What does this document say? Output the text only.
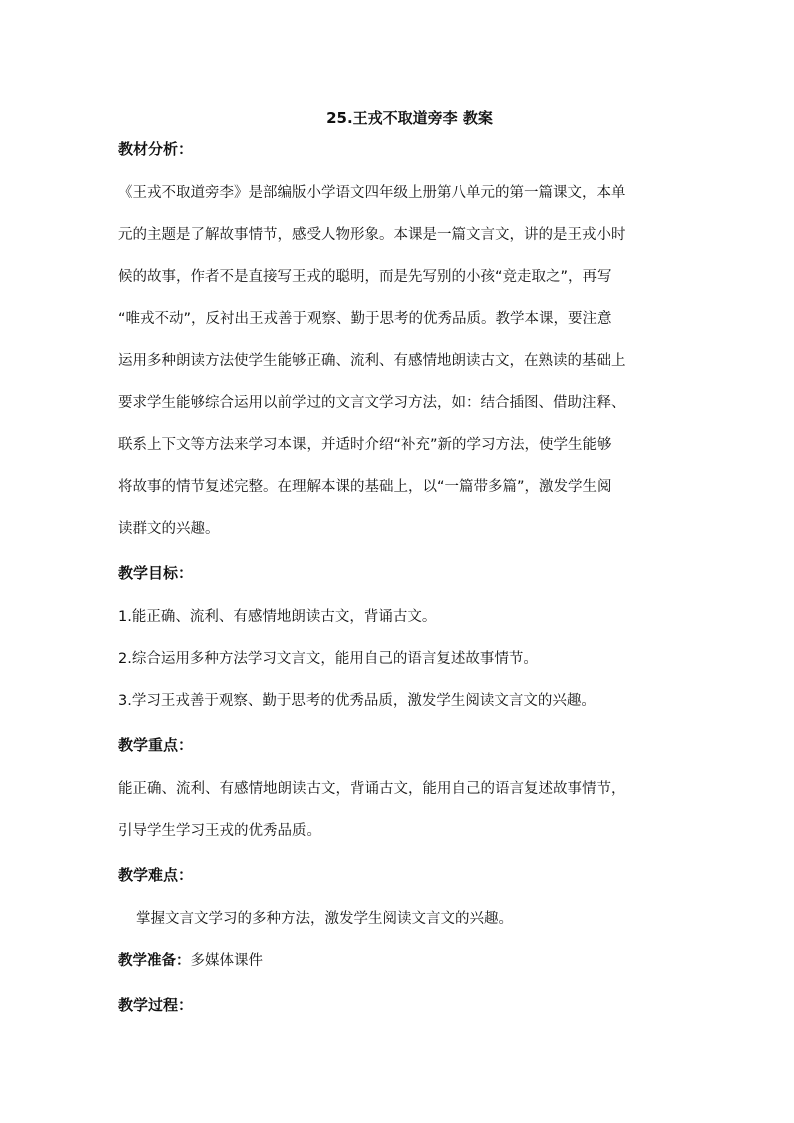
25.王戎不取道旁李 教案
教材分析：
《王戎不取道旁李》是部编版小学语文四年级上册第八单元的第一篇课文，本单
元的主题是了解故事情节，感受人物形象。本课是一篇文言文，讲的是王戎小时
候的故事，作者不是直接写王戎的聪明，而是先写别的小孩“竞走取之”，再写
“唯戎不动”，反衬出王戎善于观察、勤于思考的优秀品质。教学本课，要注意
运用多种朗读方法使学生能够正确、流利、有感情地朗读古文，在熟读的基础上
要求学生能够综合运用以前学过的文言文学习方法，如：结合插图、借助注释、
联系上下文等方法来学习本课，并适时介绍“补充”新的学习方法，使学生能够
将故事的情节复述完整。在理解本课的基础上，以“一篇带多篇”，激发学生阅
读群文的兴趣。
教学目标：
1.能正确、流利、有感情地朗读古文，背诵古文。
2.综合运用多种方法学习文言文，能用自己的语言复述故事情节。
3.学习王戎善于观察、勤于思考的优秀品质，激发学生阅读文言文的兴趣。
教学重点：
能正确、流利、有感情地朗读古文，背诵古文，能用自己的语言复述故事情节，
引导学生学习王戎的优秀品质。
教学难点：
掌握文言文学习的多种方法，激发学生阅读文言文的兴趣。
教学准备：多媒体课件
教学过程：
